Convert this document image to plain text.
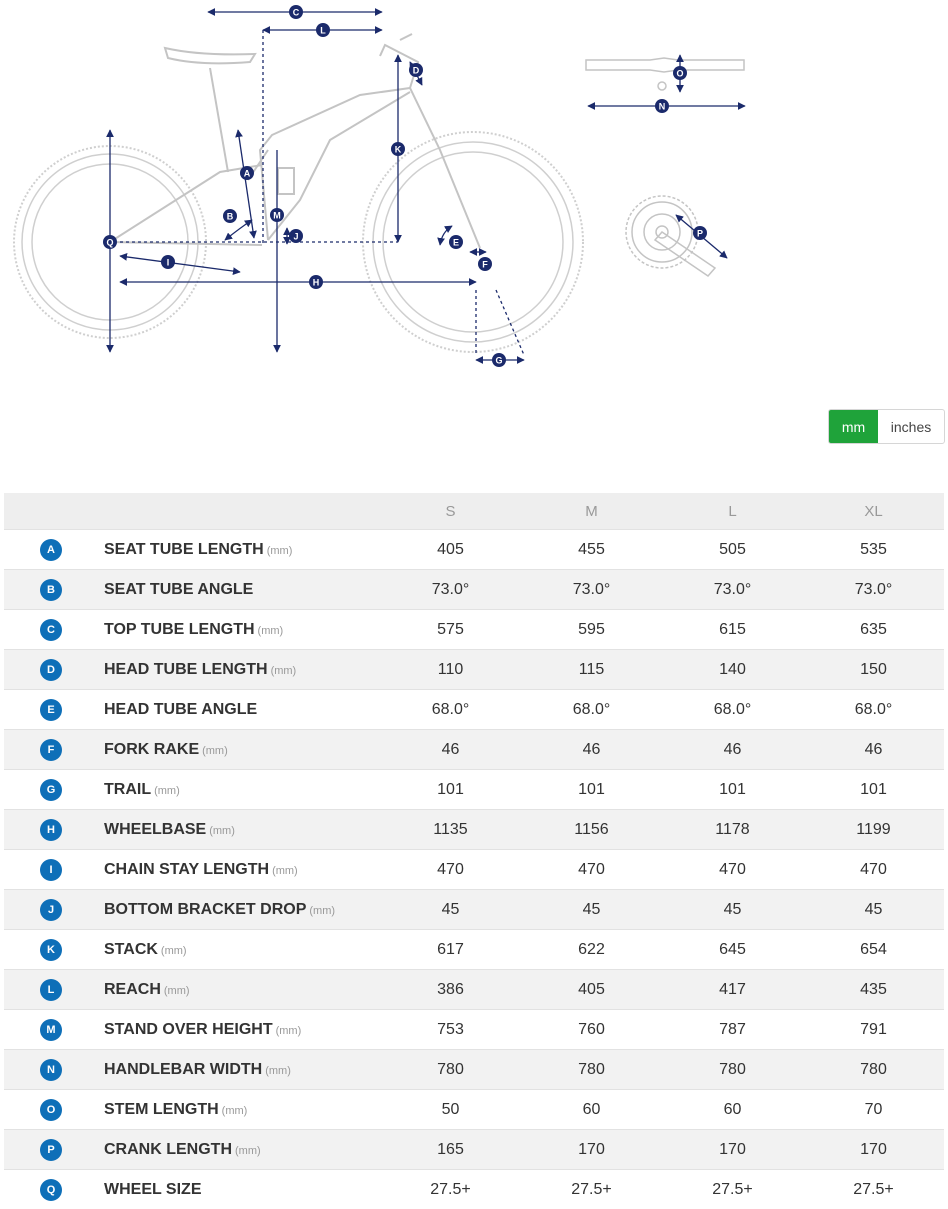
A
B
C
D
E
F
G
H
I
J
K
L
M
N
O
P
Q
mm	inches
		S	M	L	XL
A	SEAT TUBE LENGTH (mm)	405	455	505	535
B	SEAT TUBE ANGLE	73.0°	73.0°	73.0°	73.0°
C	TOP TUBE LENGTH (mm)	575	595	615	635
D	HEAD TUBE LENGTH (mm)	110	115	140	150
E	HEAD TUBE ANGLE	68.0°	68.0°	68.0°	68.0°
F	FORK RAKE (mm)	46	46	46	46
G	TRAIL (mm)	101	101	101	101
H	WHEELBASE (mm)	1135	1156	1178	1199
I	CHAIN STAY LENGTH (mm)	470	470	470	470
J	BOTTOM BRACKET DROP (mm)	45	45	45	45
K	STACK (mm)	617	622	645	654
L	REACH (mm)	386	405	417	435
M	STAND OVER HEIGHT (mm)	753	760	787	791
N	HANDLEBAR WIDTH (mm)	780	780	780	780
O	STEM LENGTH (mm)	50	60	60	70
P	CRANK LENGTH (mm)	165	170	170	170
Q	WHEEL SIZE	27.5+	27.5+	27.5+	27.5+
